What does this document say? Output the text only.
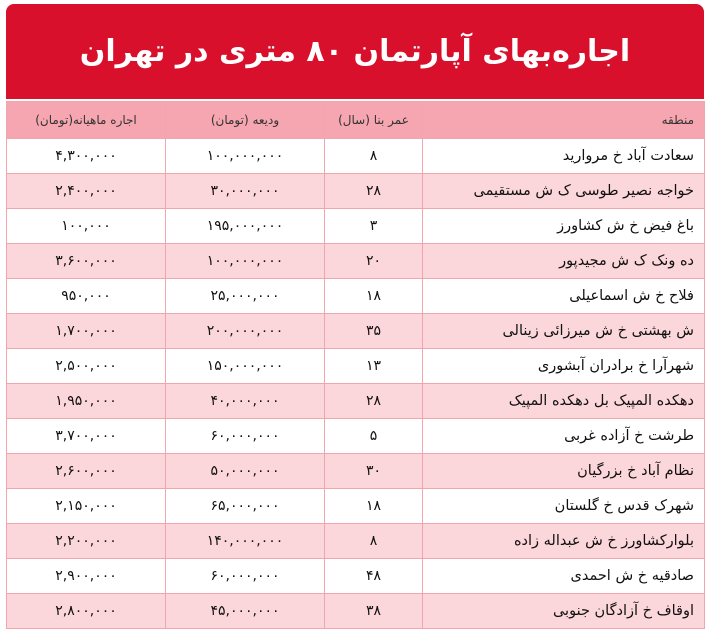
اجاره‌بهای آپارتمان ۸۰ متری در تهران
منطقه	عمر بنا (سال)	ودیعه (تومان)	اجاره ماهیانه(تومان)
سعادت آباد خ مروارید	۸	۱۰۰,۰۰۰,۰۰۰	۴,۳۰۰,۰۰۰
خواجه نصیر طوسی ک ش مستقیمی	۲۸	۳۰,۰۰۰,۰۰۰	۲,۴۰۰,۰۰۰
باغ فیض خ ش کشاورز	۳	۱۹۵,۰۰۰,۰۰۰	۱۰۰,۰۰۰
ده ونک ک ش مجیدپور	۲۰	۱۰۰,۰۰۰,۰۰۰	۳,۶۰۰,۰۰۰
فلاح خ ش اسماعیلی	۱۸	۲۵,۰۰۰,۰۰۰	۹۵۰,۰۰۰
ش بهشتی خ ش میرزائی زینالی	۳۵	۲۰۰,۰۰۰,۰۰۰	۱,۷۰۰,۰۰۰
شهرآرا خ برادران آبشوری	۱۳	۱۵۰,۰۰۰,۰۰۰	۲,۵۰۰,۰۰۰
دهکده المپیک بل دهکده المپیک	۲۸	۴۰,۰۰۰,۰۰۰	۱,۹۵۰,۰۰۰
طرشت خ آزاده غربی	۵	۶۰,۰۰۰,۰۰۰	۳,۷۰۰,۰۰۰
نظام آباد خ بزرگیان	۳۰	۵۰,۰۰۰,۰۰۰	۲,۶۰۰,۰۰۰
شهرک قدس خ گلستان	۱۸	۶۵,۰۰۰,۰۰۰	۲,۱۵۰,۰۰۰
بلوارکشاورز خ ش عبداله زاده	۸	۱۴۰,۰۰۰,۰۰۰	۲,۲۰۰,۰۰۰
صادقیه خ ش احمدی	۴۸	۶۰,۰۰۰,۰۰۰	۲,۹۰۰,۰۰۰
اوقاف خ آزادگان جنوبی	۳۸	۴۵,۰۰۰,۰۰۰	۲,۸۰۰,۰۰۰
